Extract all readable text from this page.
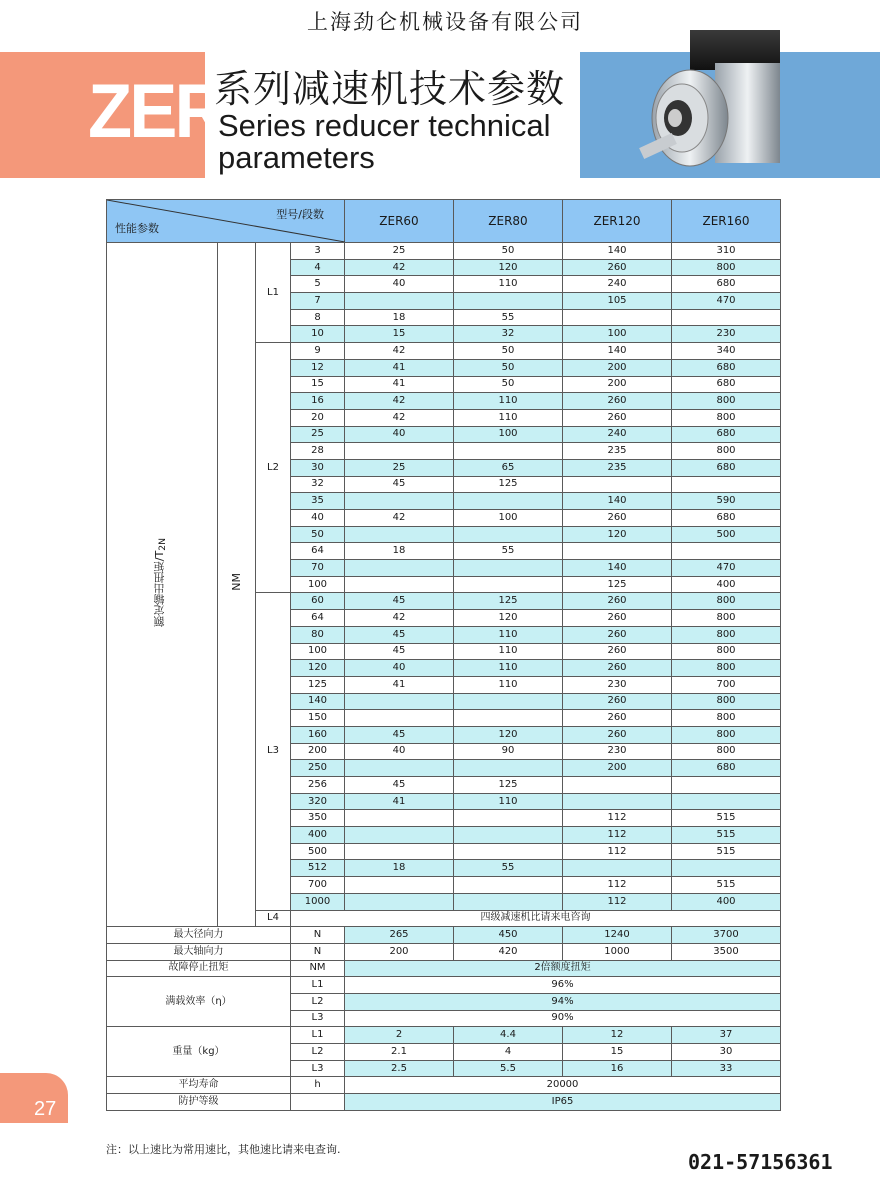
上海劲仑机械设备有限公司
ZER
系列减速机技术参数
Series reducer technical
parameters
型号/段数
性能参数				ZER60	ZER80	ZER120	ZER160
额定输出扭矩$/T_{2N}$	NM	L1	3	25	50	140	310
			4	42	120	260	800
			5	40	110	240	680
			7			105	470
			8	18	55		
			10	15	32	100	230
		L2	9	42	50	140	340
			12	41	50	200	680
			15	41	50	200	680
			16	42	110	260	800
			20	42	110	260	800
			25	40	100	240	680
			28			235	800
			30	25	65	235	680
			32	45	125		
			35			140	590
			40	42	100	260	680
			50			120	500
			64	18	55		
			70			140	470
			100			125	400
		L3	60	45	125	260	800
			64	42	120	260	800
			80	45	110	260	800
			100	45	110	260	800
			120	40	110	260	800
			125	41	110	230	700
			140			260	800
			150			260	800
			160	45	120	260	800
			200	40	90	230	800
			250			200	680
			256	45	125		
			320	41	110		
			350			112	515
			400			112	515
			500			112	515
			512	18	55		
			700			112	515
			1000			112	400
		L4	四级减速机比请来电咨询				
最大径向力			N	265	450	1240	3700
最大轴向力			N	200	420	1000	3500
故障停止扭矩			NM	2倍额度扭矩			
满载效率（η）			L1	96%			
			L2	94%			
			L3	90%			
重量（kg）			L1	2	4.4	12	37
			L2	2.1	4	15	30
			L3	2.5	5.5	16	33
平均寿命			h	20000			
防护等级				IP65			
27
注：以上速比为常用速比，其他速比请来电查询.
021-57156361
